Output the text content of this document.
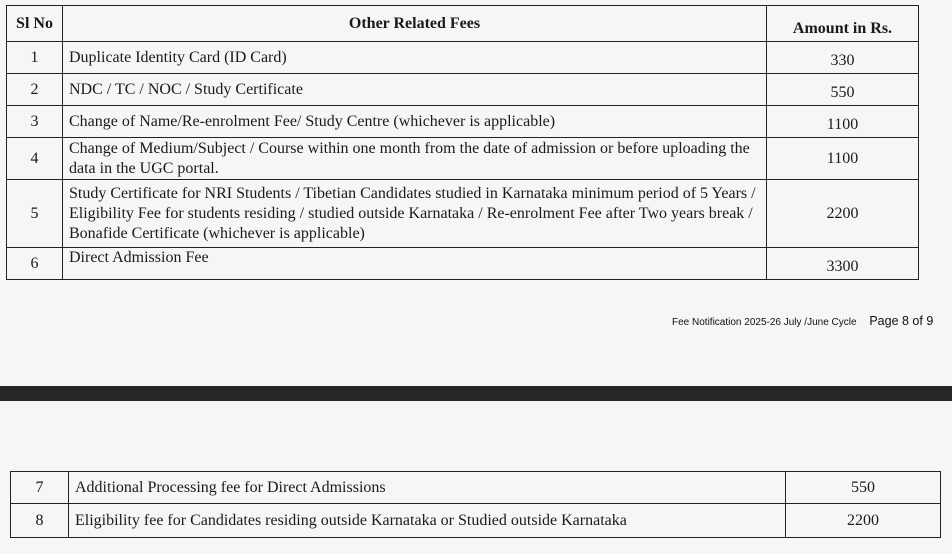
Sl No	Other Related Fees	Amount in Rs.
1	Duplicate Identity Card (ID Card)	330
2	NDC / TC / NOC / Study Certificate	550
3	Change of Name/Re-enrolment Fee/ Study Centre (whichever is applicable)	1100
4	Change of Medium/Subject / Course within one month from the date of admission or before uploading the data in the UGC portal.	1100
5	Study Certificate for NRI Students / Tibetian Candidates studied in Karnataka minimum period of 5 Years / Eligibility Fee for students residing / studied outside Karnataka / Re-enrolment Fee after Two years break / Bonafide Certificate (whichever is applicable)	2200
6	Direct Admission Fee	3300
Fee Notification 2025-26 July /June Cycle Page 8 of 9
7	Additional Processing fee for Direct Admissions	550
8	Eligibility fee for Candidates residing outside Karnataka or Studied outside Karnataka	2200
